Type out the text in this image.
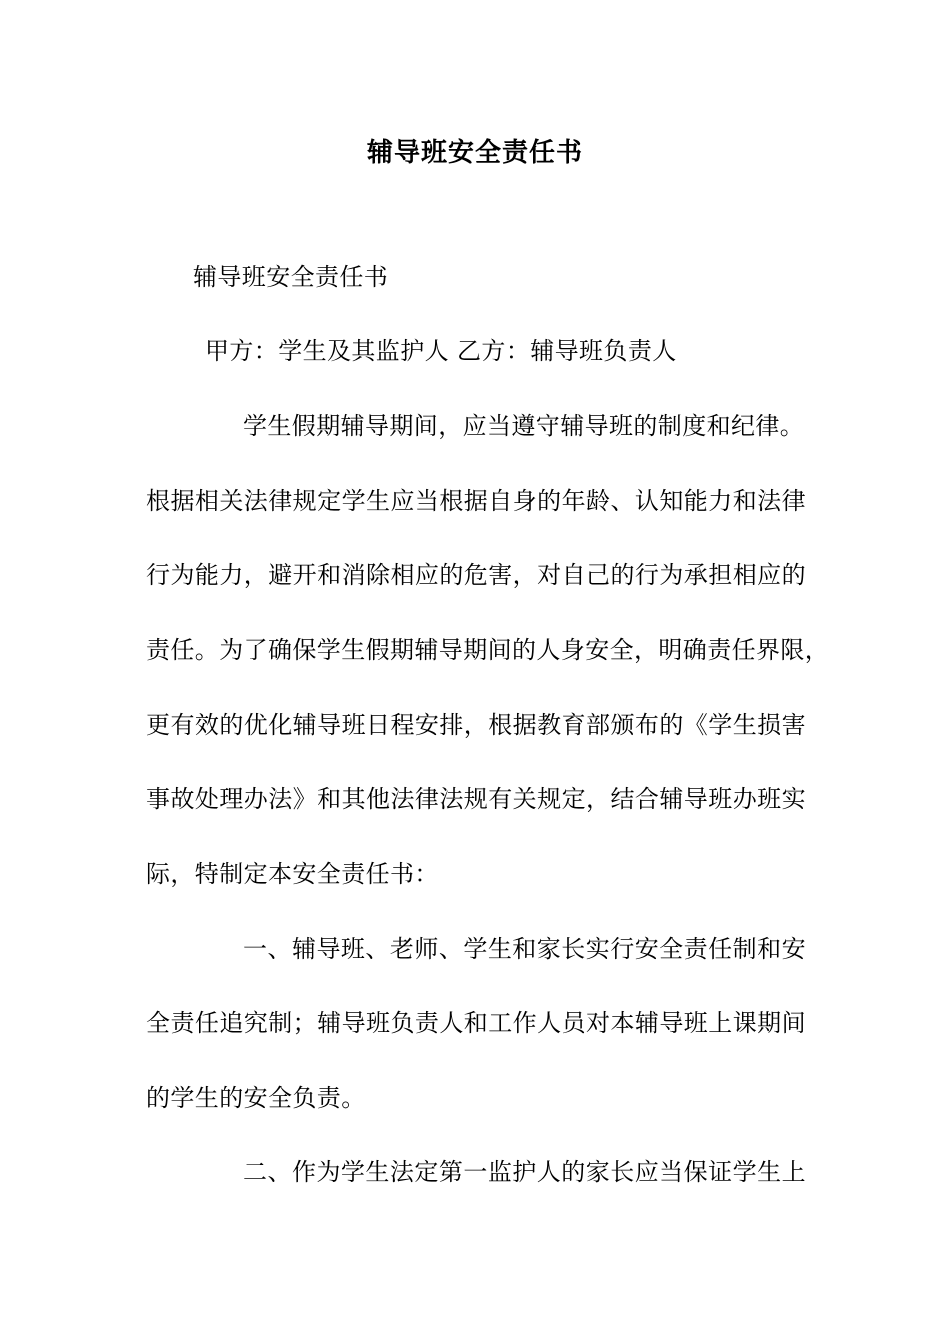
辅导班安全责任书
辅导班安全责任书
甲方：学生及其监护人 乙方：辅导班负责人
学生假期辅导期间，应当遵守辅导班的制度和纪律。
根据相关法律规定学生应当根据自身的年龄、认知能力和法律
行为能力，避开和消除相应的危害，对自己的行为承担相应的
责任。为了确保学生假期辅导期间的人身安全，明确责任界限，
更有效的优化辅导班日程安排，根据教育部颁布的《学生损害
事故处理办法》和其他法律法规有关规定，结合辅导班办班实
际，特制定本安全责任书：
一、辅导班、老师、学生和家长实行安全责任制和安
全责任追究制；辅导班负责人和工作人员对本辅导班上课期间
的学生的安全负责。
二、作为学生法定第一监护人的家长应当保证学生上
